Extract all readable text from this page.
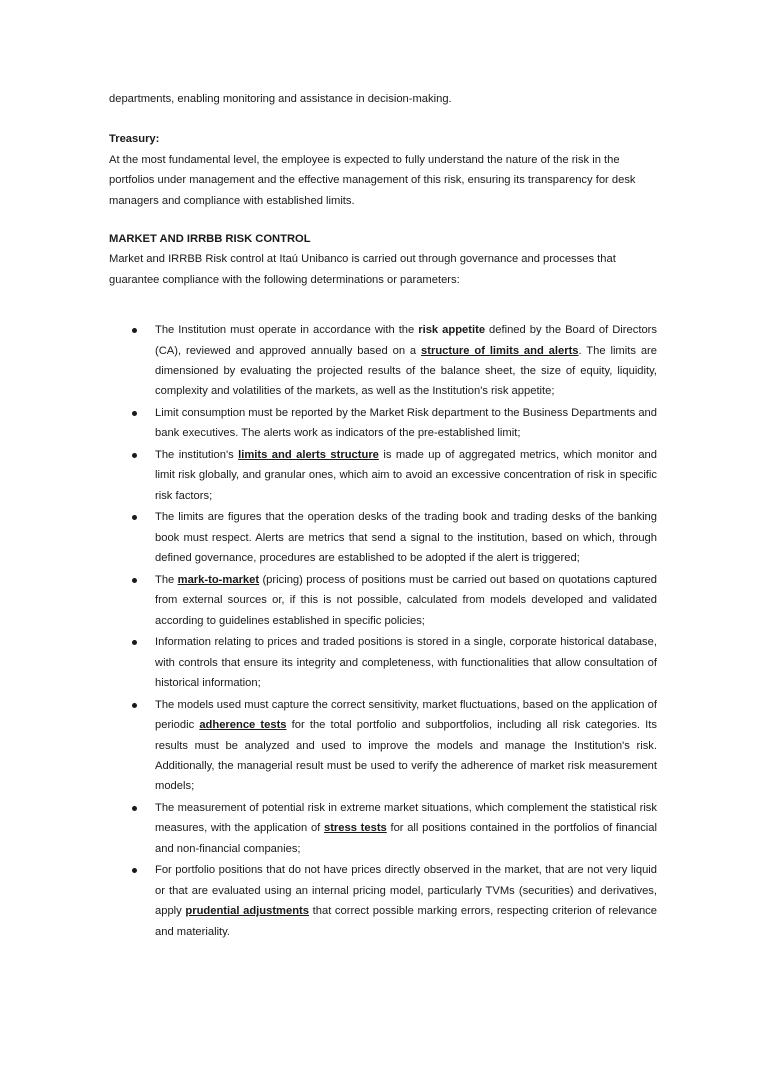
departments, enabling monitoring and assistance in decision-making.

Treasury:

At the most fundamental level, the employee is expected to fully understand the nature of the risk in the portfolios under management and the effective management of this risk, ensuring its transparency for desk managers and compliance with established limits.

MARKET AND IRRBB RISK CONTROL

Market and IRRBB Risk control at Itaú Unibanco is carried out through governance and processes that guarantee compliance with the following determinations or parameters:

The Institution must operate in accordance with the risk appetite defined by the Board of Directors (CA), reviewed and approved annually based on a structure of limits and alerts. The limits are dimensioned by evaluating the projected results of the balance sheet, the size of equity, liquidity, complexity and volatilities of the markets, as well as the Institution's risk appetite;
Limit consumption must be reported by the Market Risk department to the Business Departments and bank executives. The alerts work as indicators of the pre-established limit;
The institution's limits and alerts structure is made up of aggregated metrics, which monitor and limit risk globally, and granular ones, which aim to avoid an excessive concentration of risk in specific risk factors;
The limits are figures that the operation desks of the trading book and trading desks of the banking book must respect. Alerts are metrics that send a signal to the institution, based on which, through defined governance, procedures are established to be adopted if the alert is triggered;
The mark-to-market (pricing) process of positions must be carried out based on quotations captured from external sources or, if this is not possible, calculated from models developed and validated according to guidelines established in specific policies;
Information relating to prices and traded positions is stored in a single, corporate historical database, with controls that ensure its integrity and completeness, with functionalities that allow consultation of historical information;
The models used must capture the correct sensitivity, market fluctuations, based on the application of periodic adherence tests for the total portfolio and subportfolios, including all risk categories. Its results must be analyzed and used to improve the models and manage the Institution's risk. Additionally, the managerial result must be used to verify the adherence of market risk measurement models;
The measurement of potential risk in extreme market situations, which complement the statistical risk measures, with the application of stress tests for all positions contained in the portfolios of financial and non-financial companies;
For portfolio positions that do not have prices directly observed in the market, that are not very liquid or that are evaluated using an internal pricing model, particularly TVMs (securities) and derivatives, apply prudential adjustments that correct possible marking errors, respecting criterion of relevance and materiality.
